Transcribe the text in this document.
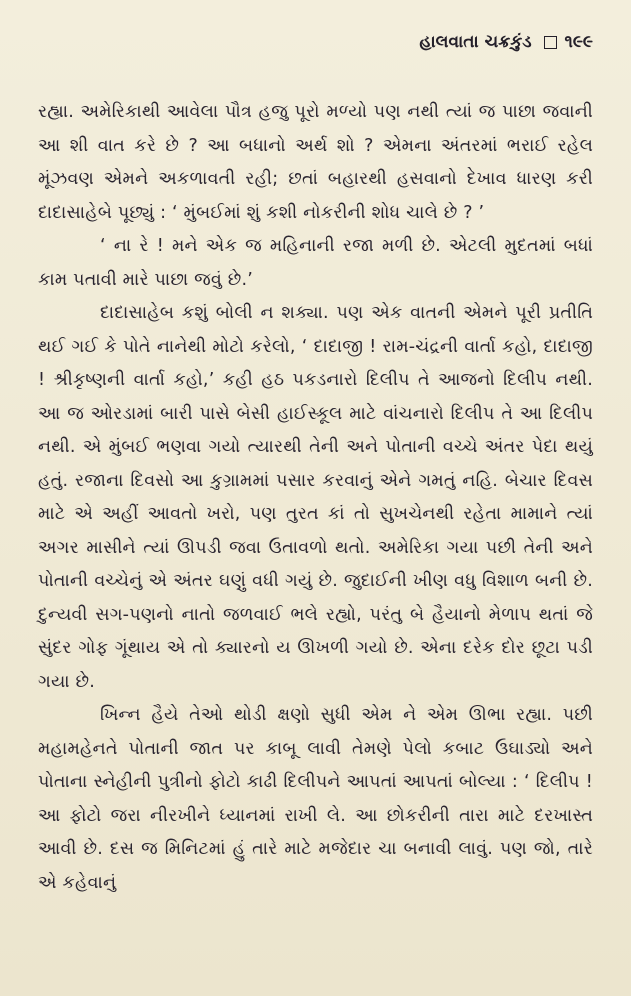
હાલવાતા ચક્રકુંડ ૧૯૯

રહ્યા. અમેરિકાથી આવેલા પૌત્ર હજુ પૂરો મળ્યો પણ નથી ત્યાં જ પાછા જવાની આ શી વાત કરે છે ? આ બધાનો અર્થ શો ? એમના અંતરમાં ભરાઈ રહેલ મૂંઝવણ એમને અકળાવતી રહી; છતાં બહારથી હસવાનો દેખાવ ધારણ કરી દાદાસાહેબે પૂછ્યું : ‘ મુંબઈમાં શું કશી નોકરીની શોધ ચાલે છે ? ’

‘ ના રે ! મને એક જ મહિનાની રજા મળી છે. એટલી મુદતમાં બધાં કામ પતાવી મારે પાછા જવું છે.’

દાદાસાહેબ કશું બોલી ન શક્યા. પણ એક વાતની એમને પૂરી પ્રતીતિ થઈ ગઈ કે પોતે નાનેથી મોટો કરેલો, ‘ દાદાજી ! રામ-ચંદ્રની વાર્તા કહો, દાદાજી ! શ્રીકૃષ્ણની વાર્તા કહો,’ કહી હઠ પકડનારો દિલીપ તે આજનો દિલીપ નથી. આ જ ઓરડામાં બારી પાસે બેસી હાઈસ્કૂલ માટે વાંચનારો દિલીપ તે આ દિલીપ નથી. એ મુંબઈ ભણવા ગયો ત્યારથી તેની અને પોતાની વચ્ચે અંતર પેદા થયું હતું. રજાના દિવસો આ કુગ્રામમાં પસાર કરવાનું એને ગમતું નહિ. બેચાર દિવસ માટે એ અહીં આવતો ખરો, પણ તુરત કાં તો સુખચેનથી રહેતા મામાને ત્યાં અગર માસીને ત્યાં ઊપડી જવા ઉતાવળો થતો. અમેરિકા ગયા પછી તેની અને પોતાની વચ્ચેનું એ અંતર ઘણું વધી ગયું છે. જુદાઈની ખીણ વધુ વિશાળ બની છે. દુન્યવી સગ-પણનો નાતો જળવાઈ ભલે રહ્યો, પરંતુ બે હૈયાનો મેળાપ થતાં જે સુંદર ગોફ ગૂંથાય એ તો ક્યારનો ય ઊખળી ગયો છે. એના દરેક દોર છૂટા પડી ગયા છે.

ખિન્ન હૈયે તેઓ થોડી ક્ષણો સુધી એમ ને એમ ઊભા રહ્યા. પછી મહામહેનતે પોતાની જાત પર કાબૂ લાવી તેમણે પેલો કબાટ ઉઘાડ્યો અને પોતાના સ્નેહીની પુત્રીનો ફોટો કાઢી દિલીપને આપતાં આપતાં બોલ્યા : ‘ દિલીપ ! આ ફોટો જરા નીરખીને ધ્યાનમાં રાખી લે. આ છોકરીની તારા માટે દરખાસ્ત આવી છે. દસ જ મિનિટમાં હું તારે માટે મજેદાર ચા બનાવી લાવું. પણ જો, તારે એ કહેવાનું
